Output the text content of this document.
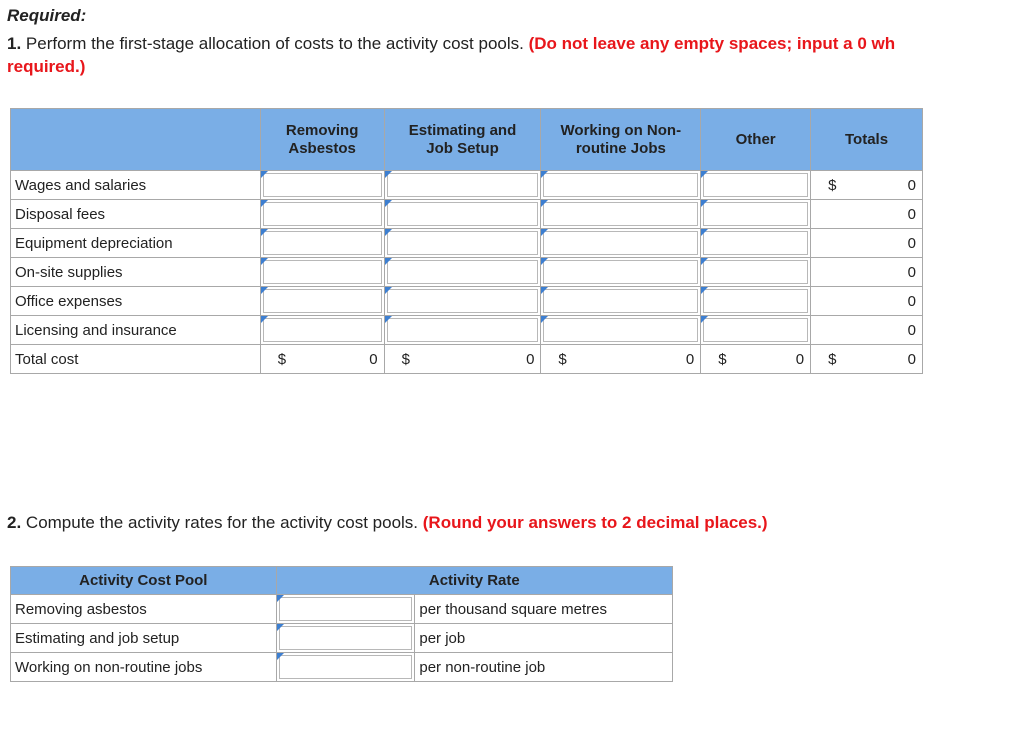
Required:
1. Perform the first-stage allocation of costs to the activity cost pools. (Do not leave any empty spaces; input a 0 wh
required.)
	Removing
Asbestos	Estimating and
Job Setup	Working on Non-
routine Jobs	Other	Totals
Wages and salaries					$ 0

Disposal fees					0

Equipment depreciation					0

On-site supplies					0

Office expenses					0

Licensing and insurance					0

Total cost	$ 0	$ 0	$ 0	$ 0	$ 0
2. Compute the activity rates for the activity cost pools. (Round your answers to 2 decimal places.)
Activity Cost Pool	Activity Rate	
Removing asbestos		per thousand square metres
Estimating and job setup		per job
Working on non-routine jobs		per non-routine job
